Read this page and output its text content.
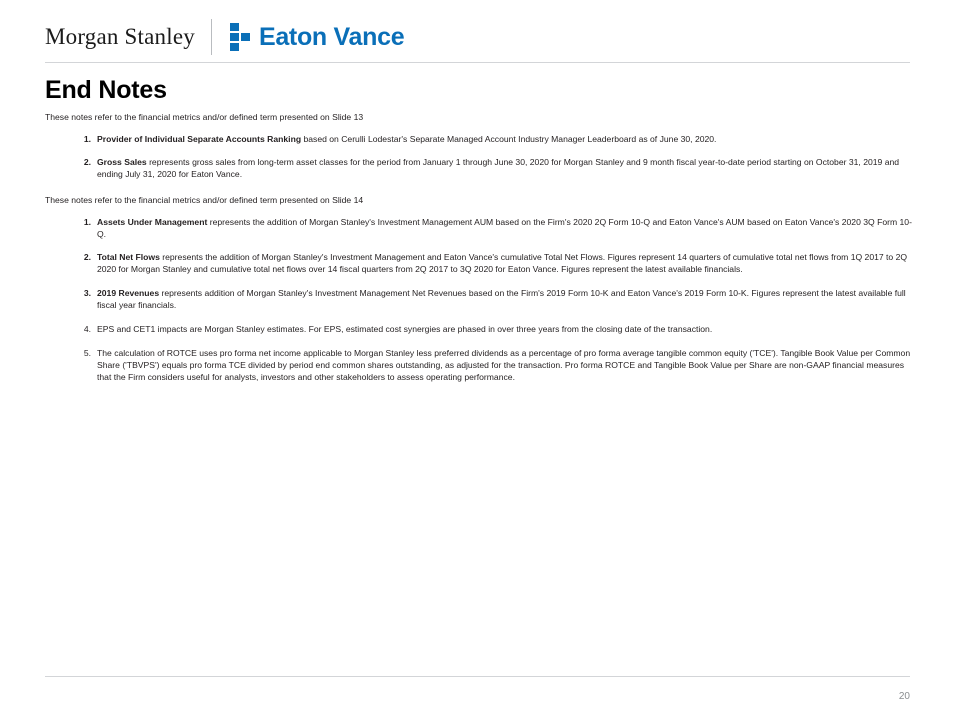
Morgan Stanley	Eaton Vance
End Notes

These notes refer to the financial metrics and/or defined term presented on Slide 13

1. Provider of Individual Separate Accounts Ranking based on Cerulli Lodestar's Separate Managed Account Industry Manager Leaderboard as of June 30, 2020.
2. Gross Sales represents gross sales from long-term asset classes for the period from January 1 through June 30, 2020 for Morgan Stanley and 9 month fiscal year-to-date period starting on October 31, 2019 and ending July 31, 2020 for Eaton Vance.

These notes refer to the financial metrics and/or defined term presented on Slide 14

1. Assets Under Management represents the addition of Morgan Stanley's Investment Management AUM based on the Firm's 2020 2Q Form 10-Q and Eaton Vance's AUM based on Eaton Vance's 2020 3Q Form 10-Q.
2. Total Net Flows represents the addition of Morgan Stanley's Investment Management and Eaton Vance's cumulative Total Net Flows. Figures represent 14 quarters of cumulative total net flows from 1Q 2017 to 2Q 2020 for Morgan Stanley and cumulative total net flows over 14 fiscal quarters from 2Q 2017 to 3Q 2020 for Eaton Vance. Figures represent the latest available financials.
3. 2019 Revenues represents addition of Morgan Stanley's Investment Management Net Revenues based on the Firm's 2019 Form 10-K and Eaton Vance's 2019 Form 10-K. Figures represent the latest available full fiscal year financials.
4. EPS and CET1 impacts are Morgan Stanley estimates. For EPS, estimated cost synergies are phased in over three years from the closing date of the transaction.
5. The calculation of ROTCE uses pro forma net income applicable to Morgan Stanley less preferred dividends as a percentage of pro forma average tangible common equity ('TCE'). Tangible Book Value per Common Share ('TBVPS') equals pro forma TCE divided by period end common shares outstanding, as adjusted for the transaction. Pro forma ROTCE and Tangible Book Value per Share are non-GAAP financial measures that the Firm considers useful for analysts, investors and other stakeholders to assess operating performance.
20
